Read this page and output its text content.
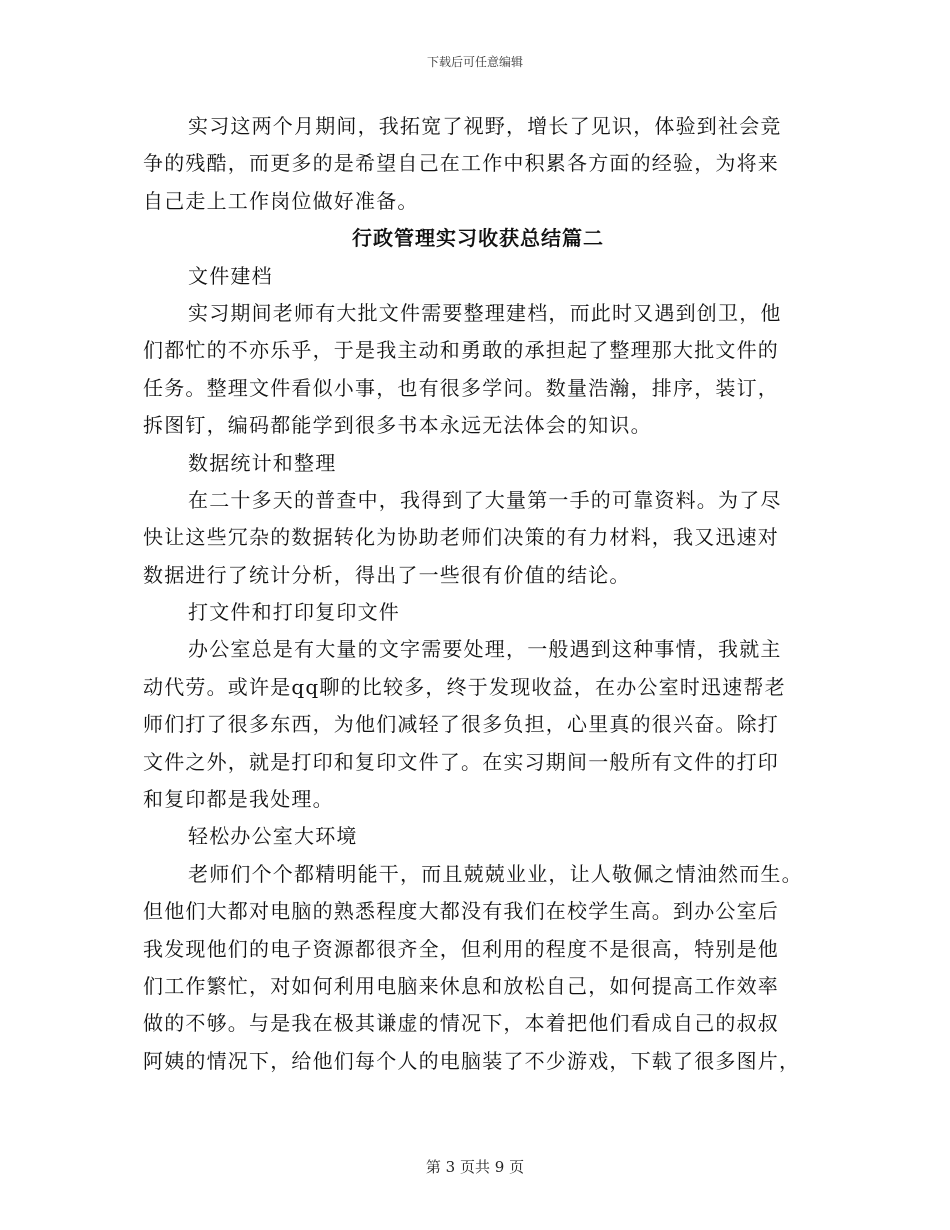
下载后可任意编辑
实习这两个月期间，我拓宽了视野，增长了见识，体验到社会竞
争的残酷，而更多的是希望自己在工作中积累各方面的经验，为将来
自己走上工作岗位做好准备。
行政管理实习收获总结篇二
文件建档
实习期间老师有大批文件需要整理建档，而此时又遇到创卫，他
们都忙的不亦乐乎，于是我主动和勇敢的承担起了整理那大批文件的
任务。整理文件看似小事，也有很多学问。数量浩瀚，排序，装订，
拆图钉，编码都能学到很多书本永远无法体会的知识。
数据统计和整理
在二十多天的普查中，我得到了大量第一手的可靠资料。为了尽
快让这些冗杂的数据转化为协助老师们决策的有力材料，我又迅速对
数据进行了统计分析，得出了一些很有价值的结论。
打文件和打印复印文件
办公室总是有大量的文字需要处理，一般遇到这种事情，我就主
动代劳。或许是qq聊的比较多，终于发现收益，在办公室时迅速帮老
师们打了很多东西，为他们减轻了很多负担，心里真的很兴奋。除打
文件之外，就是打印和复印文件了。在实习期间一般所有文件的打印
和复印都是我处理。
轻松办公室大环境
老师们个个都精明能干，而且兢兢业业，让人敬佩之情油然而生。
但他们大都对电脑的熟悉程度大都没有我们在校学生高。到办公室后
我发现他们的电子资源都很齐全，但利用的程度不是很高，特别是他
们工作繁忙，对如何利用电脑来休息和放松自己，如何提高工作效率
做的不够。与是我在极其谦虚的情况下，本着把他们看成自己的叔叔
阿姨的情况下，给他们每个人的电脑装了不少游戏，下载了很多图片，
第 3 页共 9 页
